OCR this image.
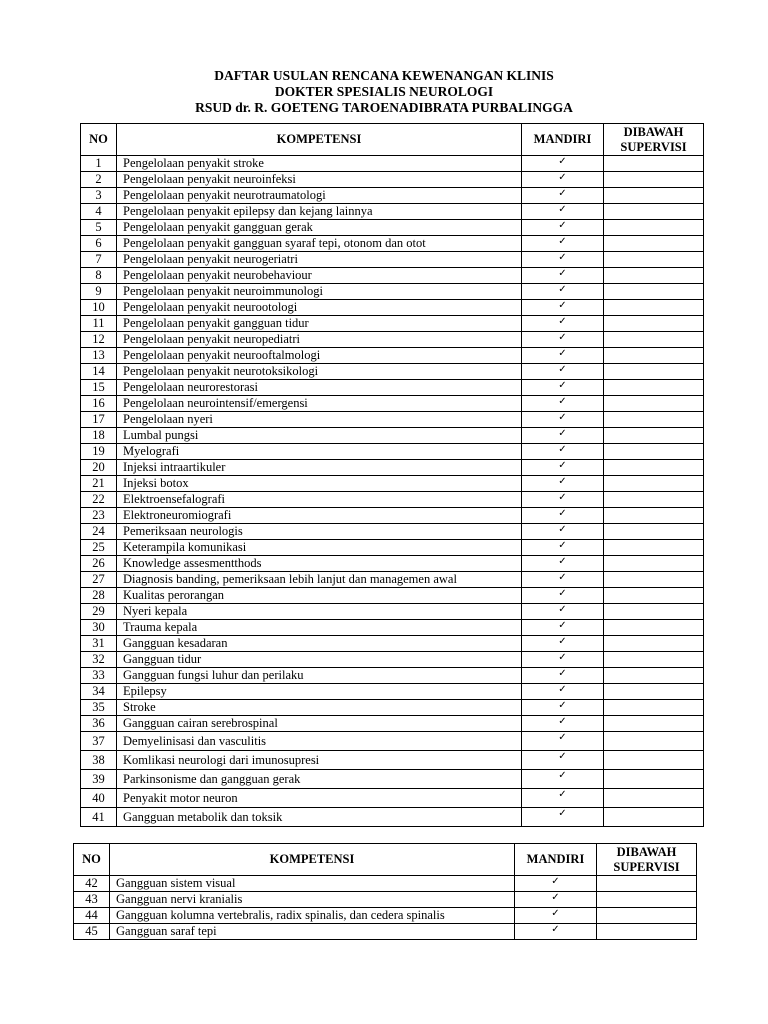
DAFTAR USULAN RENCANA KEWENANGAN KLINIS
DOKTER SPESIALIS NEUROLOGI
RSUD dr. R. GOETENG TAROENADIBRATA PURBALINGGA
NO	KOMPETENSI	MANDIRI	DIBAWAH
SUPERVISI
1	Pengelolaan penyakit stroke	✓	
2	Pengelolaan penyakit neuroinfeksi	✓	
3	Pengelolaan penyakit neurotraumatologi	✓	
4	Pengelolaan penyakit epilepsy dan kejang lainnya	✓	
5	Pengelolaan penyakit gangguan gerak	✓	
6	Pengelolaan penyakit gangguan syaraf tepi, otonom dan otot	✓	
7	Pengelolaan penyakit neurogeriatri	✓	
8	Pengelolaan penyakit neurobehaviour	✓	
9	Pengelolaan penyakit neuroimmunologi	✓	
10	Pengelolaan penyakit neurootologi	✓	
11	Pengelolaan penyakit gangguan tidur	✓	
12	Pengelolaan penyakit neuropediatri	✓	
13	Pengelolaan penyakit neurooftalmologi	✓	
14	Pengelolaan penyakit neurotoksikologi	✓	
15	Pengelolaan neurorestorasi	✓	
16	Pengelolaan neurointensif/emergensi	✓	
17	Pengelolaan nyeri	✓	
18	Lumbal pungsi	✓	
19	Myelografi	✓	
20	Injeksi intraartikuler	✓	
21	Injeksi botox	✓	
22	Elektroensefalografi	✓	
23	Elektroneuromiografi	✓	
24	Pemeriksaan neurologis	✓	
25	Keterampila komunikasi	✓	
26	Knowledge assesmentthods	✓	
27	Diagnosis banding, pemeriksaan lebih lanjut dan managemen awal	✓	
28	Kualitas perorangan	✓	
29	Nyeri kepala	✓	
30	Trauma kepala	✓	
31	Gangguan kesadaran	✓	
32	Gangguan tidur	✓	
33	Gangguan fungsi luhur dan perilaku	✓	
34	Epilepsy	✓	
35	Stroke	✓	
36	Gangguan cairan serebrospinal	✓	
37	Demyelinisasi dan vasculitis	✓	
38	Komlikasi neurologi dari imunosupresi	✓	
39	Parkinsonisme dan gangguan gerak	✓	
40	Penyakit motor neuron	✓	
41	Gangguan metabolik dan toksik	✓	
NO	KOMPETENSI	MANDIRI	DIBAWAH
SUPERVISI
42	Gangguan sistem visual	✓	
43	Gangguan nervi kranialis	✓	
44	Gangguan kolumna vertebralis, radix spinalis, dan cedera spinalis	✓	
45	Gangguan saraf tepi	✓	
